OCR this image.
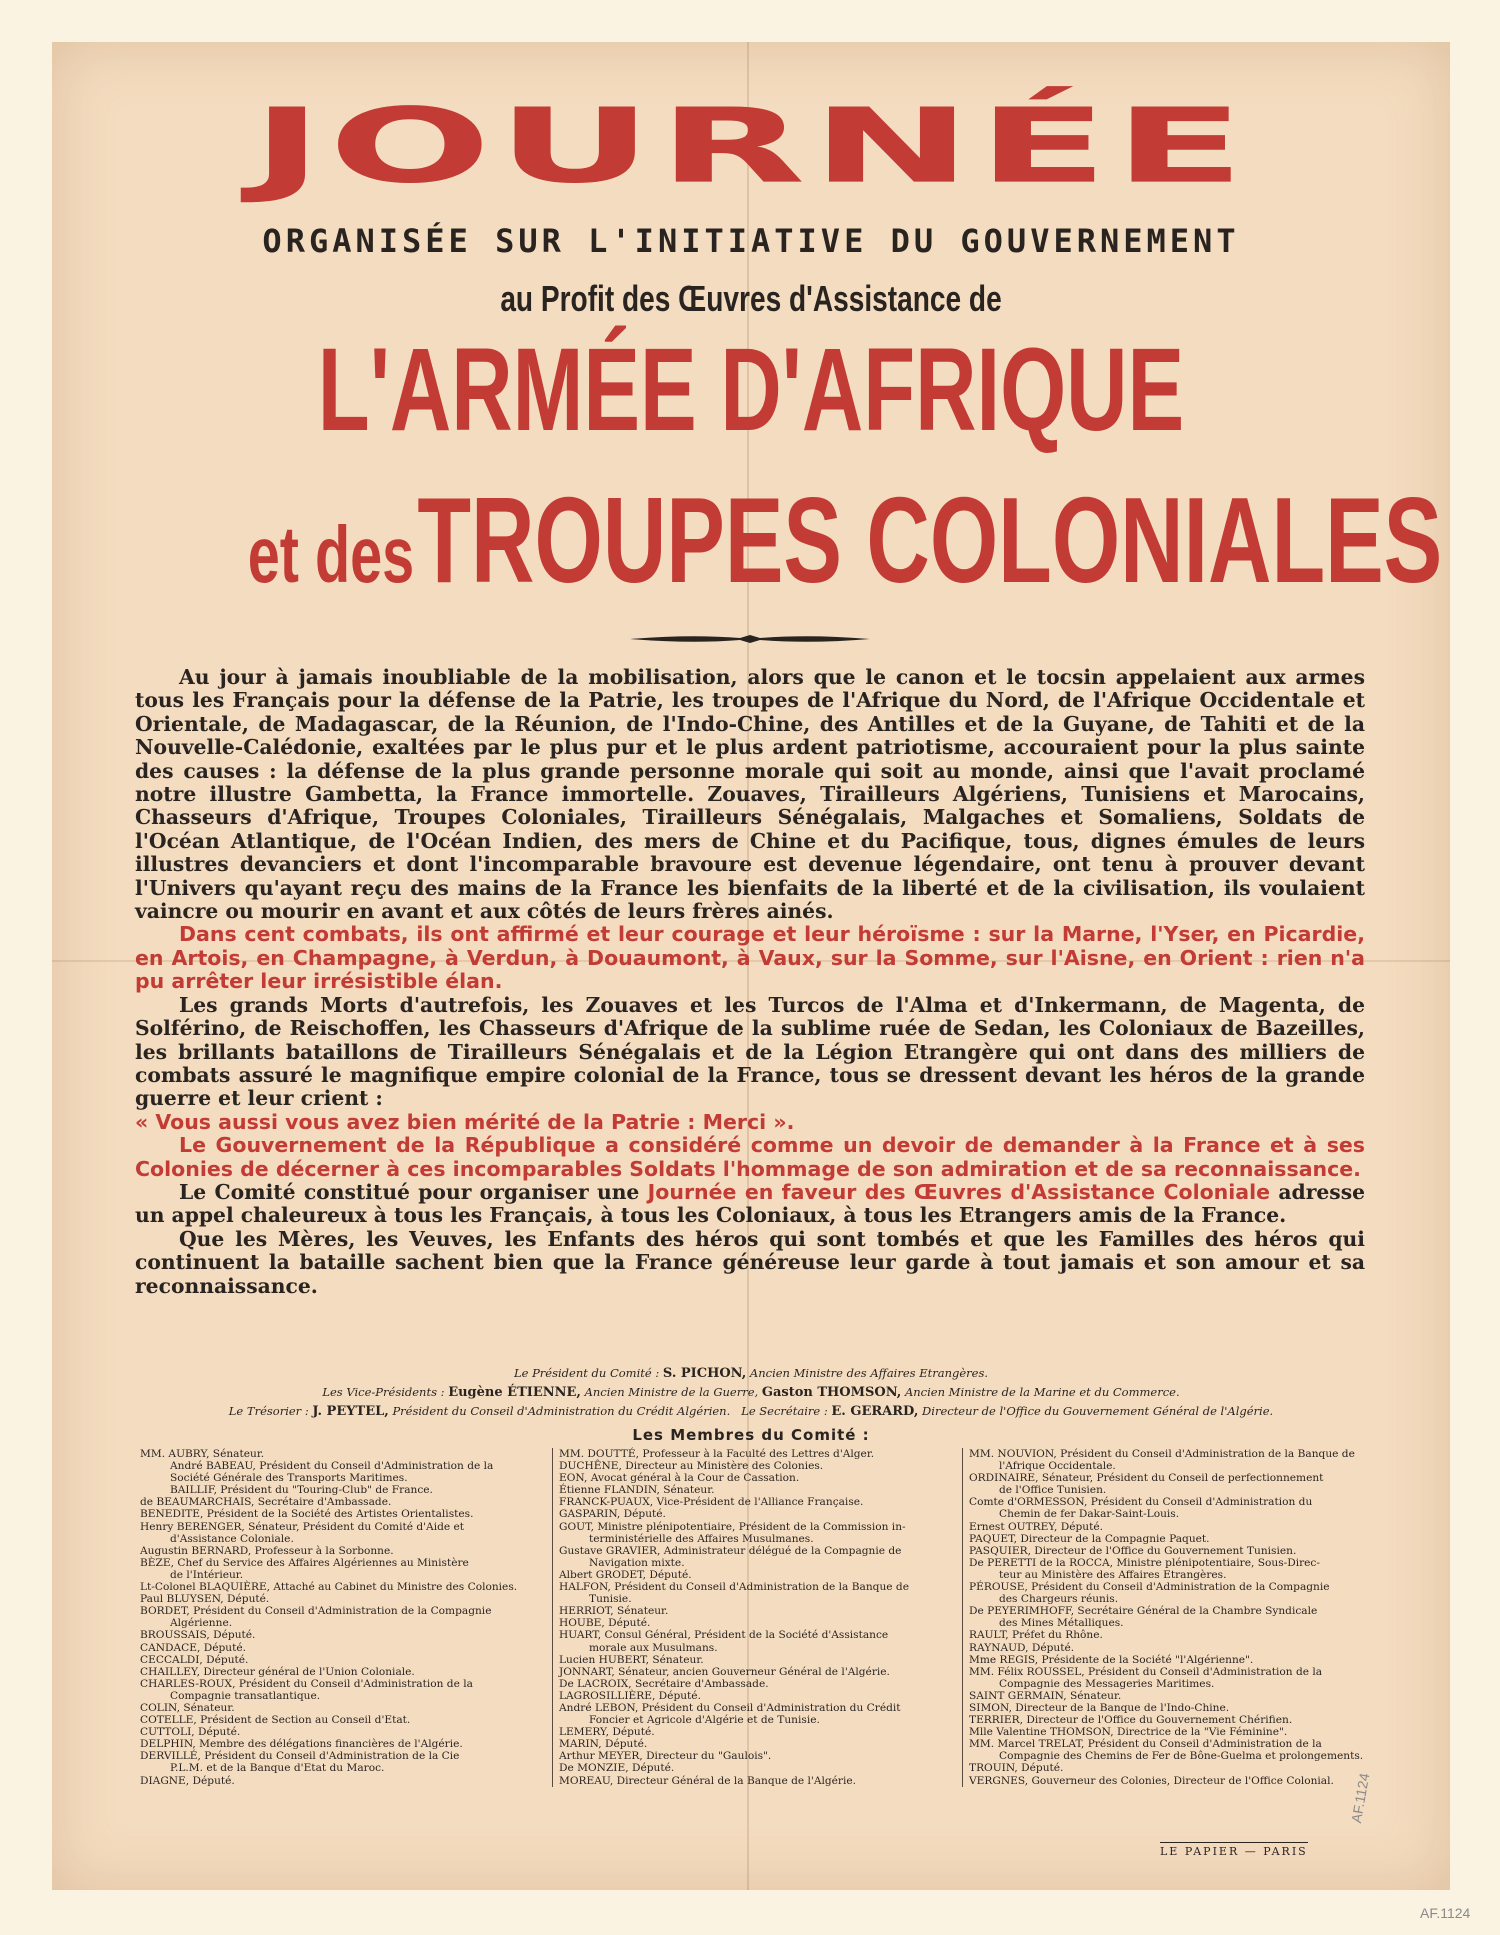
JOURNÉE
ORGANISÉE SUR L'INITIATIVE DU GOUVERNEMENT
au Profit des Œuvres d'Assistance de
L'ARMÉE D'AFRIQUE
et des TROUPES COLONIALES

Au jour à jamais inoubliable de la mobilisation, alors que le canon et le tocsin appelaient aux armes tous les Français pour la défense de la Patrie, les troupes de l'Afrique du Nord, de l'Afrique Occidentale et Orientale, de Madagascar, de la Réunion, de l'Indo-Chine, des Antilles et de la Guyane, de Tahiti et de la Nouvelle-Calédonie, exaltées par le plus pur et le plus ardent patriotisme, accouraient pour la plus sainte des causes : la défense de la plus grande personne morale qui soit au monde, ainsi que l'avait proclamé notre illustre Gambetta, la France immortelle. Zouaves, Tirailleurs Algériens, Tunisiens et Marocains, Chasseurs d'Afrique, Troupes Coloniales, Tirailleurs Sénégalais, Malgaches et Somaliens, Soldats de l'Océan Atlantique, de l'Océan Indien, des mers de Chine et du Pacifique, tous, dignes émules de leurs illustres devanciers et dont l'incomparable bravoure est devenue légendaire, ont tenu à prouver devant l'Univers qu'ayant reçu des mains de la France les bienfaits de la liberté et de la civilisation, ils voulaient vaincre ou mourir en avant et aux côtés de leurs frères ainés.

Dans cent combats, ils ont affirmé et leur courage et leur héroïsme : sur la Marne, l'Yser, en Picardie, en Artois, en Champagne, à Verdun, à Douaumont, à Vaux, sur la Somme, sur l'Aisne, en Orient : rien n'a pu arrêter leur irrésistible élan.

Les grands Morts d'autrefois, les Zouaves et les Turcos de l'Alma et d'Inkermann, de Magenta, de Solférino, de Reischoffen, les Chasseurs d'Afrique de la sublime ruée de Sedan, les Coloniaux de Bazeilles, les brillants bataillons de Tirailleurs Sénégalais et de la Légion Etrangère qui ont dans des milliers de combats assuré le magnifique empire colonial de la France, tous se dressent devant les héros de la grande guerre et leur crient :
« Vous aussi vous avez bien mérité de la Patrie : Merci ».

Le Gouvernement de la République a considéré comme un devoir de demander à la France et à ses Colonies de décerner à ces incomparables Soldats l'hommage de son admiration et de sa reconnaissance.

Le Comité constitué pour organiser une Journée en faveur des Œuvres d'Assistance Coloniale adresse un appel chaleureux à tous les Français, à tous les Coloniaux, à tous les Etrangers amis de la France.

Que les Mères, les Veuves, les Enfants des héros qui sont tombés et que les Familles des héros qui continuent la bataille sachent bien que la France généreuse leur garde à tout jamais et son amour et sa reconnaissance.

Le Président du Comité : S. PICHON, Ancien Ministre des Affaires Etrangères.
Les Vice-Présidents : Eugène ÉTIENNE, Ancien Ministre de la Guerre, Gaston THOMSON, Ancien Ministre de la Marine et du Commerce.
Le Trésorier : J. PEYTEL, Président du Conseil d'Administration du Crédit Algérien. Le Secrétaire : E. GERARD, Directeur de l'Office du Gouvernement Général de l'Algérie.
Les Membres du Comité :
MM. AUBRY, Sénateur.
André BABEAU, Président du Conseil d'Administration de la
Société Générale des Transports Maritimes.
BAILLIF, Président du "Touring-Club" de France.
de BEAUMARCHAIS, Secrétaire d'Ambassade.
BENEDITE, Président de la Société des Artistes Orientalistes.
Henry BERENGER, Sénateur, Président du Comité d'Aide et
d'Assistance Coloniale.
Augustin BERNARD, Professeur à la Sorbonne.
BÈZE, Chef du Service des Affaires Algériennes au Ministère
de l'Intérieur.
Lt-Colonel BLAQUIÈRE, Attaché au Cabinet du Ministre des Colonies.
Paul BLUYSEN, Député.
BORDET, Président du Conseil d'Administration de la Compagnie
Algérienne.
BROUSSAIS, Député.
CANDACE, Député.
CECCALDI, Député.
CHAILLEY, Directeur général de l'Union Coloniale.
CHARLES-ROUX, Président du Conseil d'Administration de la
Compagnie transatlantique.
COLIN, Sénateur.
COTELLE, Président de Section au Conseil d'Etat.
CUTTOLI, Député.
DELPHIN, Membre des délégations financières de l'Algérie.
DERVILLÉ, Président du Conseil d'Administration de la Cie
P.L.M. et de la Banque d'Etat du Maroc.
DIAGNE, Député.
MM. DOUTTÉ, Professeur à la Faculté des Lettres d'Alger.
DUCHÊNE, Directeur au Ministère des Colonies.
EON, Avocat général à la Cour de Cassation.
Étienne FLANDIN, Sénateur.
FRANCK-PUAUX, Vice-Président de l'Alliance Française.
GASPARIN, Député.
GOUT, Ministre plénipotentiaire, Président de la Commission in-
terministérielle des Affaires Musulmanes.
Gustave GRAVIER, Administrateur délégué de la Compagnie de
Navigation mixte.
Albert GRODET, Député.
HALFON, Président du Conseil d'Administration de la Banque de
Tunisie.
HERRIOT, Sénateur.
HOUBE, Député.
HUART, Consul Général, Président de la Société d'Assistance
morale aux Musulmans.
Lucien HUBERT, Sénateur.
JONNART, Sénateur, ancien Gouverneur Général de l'Algérie.
De LACROIX, Secrétaire d'Ambassade.
LAGROSILLIÈRE, Député.
André LEBON, Président du Conseil d'Administration du Crédit
Foncier et Agricole d'Algérie et de Tunisie.
LEMERY, Député.
MARIN, Député.
Arthur MEYER, Directeur du "Gaulois".
De MONZIE, Député.
MOREAU, Directeur Général de la Banque de l'Algérie.
MM. NOUVION, Président du Conseil d'Administration de la Banque de
l'Afrique Occidentale.
ORDINAIRE, Sénateur, Président du Conseil de perfectionnement
de l'Office Tunisien.
Comte d'ORMESSON, Président du Conseil d'Administration du
Chemin de fer Dakar-Saint-Louis.
Ernest OUTREY, Député.
PAQUET, Directeur de la Compagnie Paquet.
PASQUIER, Directeur de l'Office du Gouvernement Tunisien.
De PERETTI de la ROCCA, Ministre plénipotentiaire, Sous-Direc-
teur au Ministère des Affaires Etrangères.
PÉROUSE, Président du Conseil d'Administration de la Compagnie
des Chargeurs réunis.
De PEYERIMHOFF, Secrétaire Général de la Chambre Syndicale
des Mines Métalliques.
RAULT, Préfet du Rhône.
RAYNAUD, Député.
Mme REGIS, Présidente de la Société "l'Algérienne".
MM. Félix ROUSSEL, Président du Conseil d'Administration de la
Compagnie des Messageries Maritimes.
SAINT GERMAIN, Sénateur.
SIMON, Directeur de la Banque de l'Indo-Chine.
TERRIER, Directeur de l'Office du Gouvernement Chérifien.
Mlle Valentine THOMSON, Directrice de la "Vie Féminine".
MM. Marcel TRELAT, Président du Conseil d'Administration de la
Compagnie des Chemins de Fer de Bône-Guelma et prolongements.
TROUIN, Député.
VERGNES, Gouverneur des Colonies, Directeur de l'Office Colonial.
LE PAPIER — PARIS
AF.1124
AF.1124
